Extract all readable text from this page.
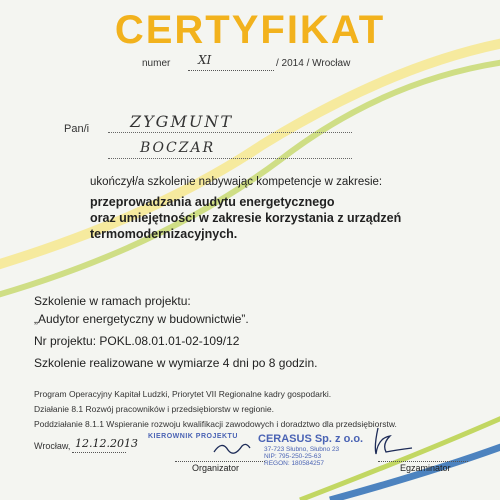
CERTYFIKAT
numer XI	/ 2014 / Wrocław
Pan/i	ZYGMUNT
BOCZAR
ukończył/a szkolenie nabywając kompetencje w zakresie:
przeprowadzania audytu energetycznego
oraz umiejętności w zakresie korzystania z urządzeń
termomodernizacyjnych.
Szkolenie w ramach projektu:
„Audytor energetyczny w budownictwie”.
Nr projektu: POKL.08.01.01-02-109/12
Szkolenie realizowane w wymiarze 4 dni po 8 godzin.
Program Operacyjny Kapitał Ludzki, Priorytet VII Regionalne kadry gospodarki.
Działanie 8.1 Rozwój pracowników i przedsiębiorstw w regionie.
Poddziałanie 8.1.1 Wspieranie rozwoju kwalifikacji zawodowych i doradztwo dla przedsiębiorstw.
Wrocław, 12.12.2013
KIEROWNIK PROJEKTU CERASUS Sp. z o.o.
37-723 Słubno, Słubno 23
NIP: 795-250-25-63
REGON: 180584257
Organizator	Egzaminator
